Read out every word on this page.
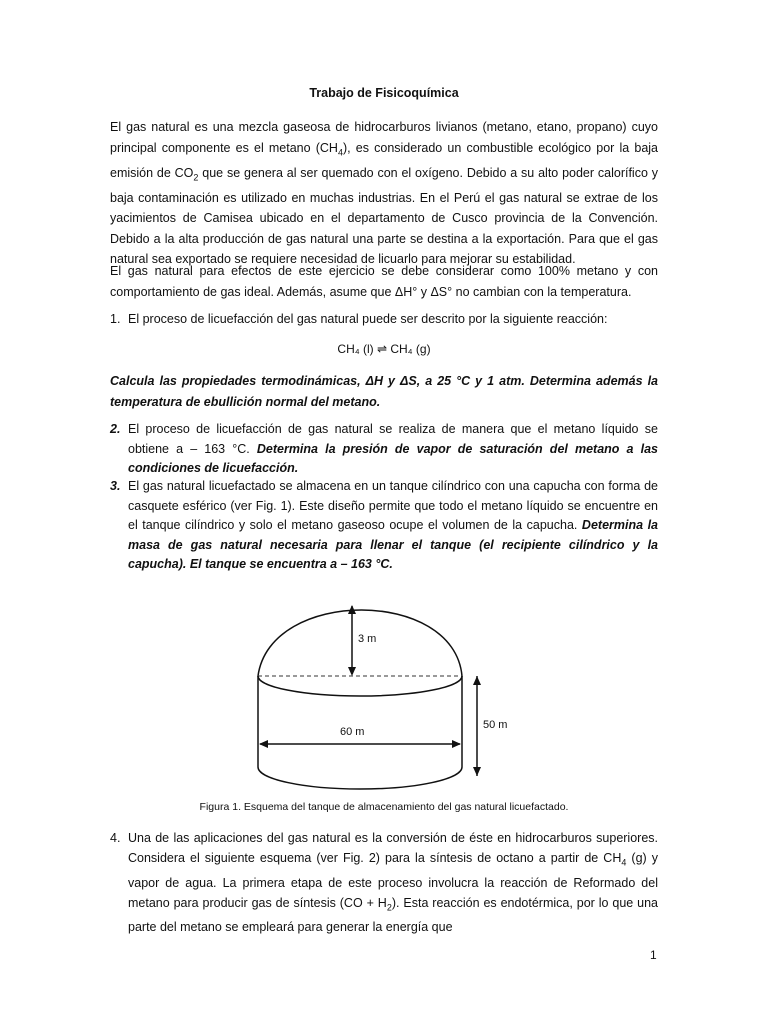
Trabajo de Fisicoquímica

El gas natural es una mezcla gaseosa de hidrocarburos livianos (metano, etano, propano) cuyo principal componente es el metano $(CH_4)$, es considerado un combustible ecológico por la baja emisión de $CO_2$ que se genera al ser quemado con el oxígeno. Debido a su alto poder calorífico y baja contaminación es utilizado en muchas industrias. En el Perú el gas natural se extrae de los yacimientos de Camisea ubicado en el departamento de Cusco provincia de la Convención. Debido a la alta producción de gas natural una parte se destina a la exportación. Para que el gas natural sea exportado se requiere necesidad de licuarlo para mejorar su estabilidad.

El gas natural para efectos de este ejercicio se debe considerar como 100% metano y con comportamiento de gas ideal. Además, asume que ΔH° y ΔS° no cambian con la temperatura.

1. El proceso de licuefacción del gas natural puede ser descrito por la siguiente reacción:
CH₄ (l) ⇌ CH₄ (g)

Calcula las propiedades termodinámicas, ΔH y ΔS, a 25 °C y 1 atm. Determina además la temperatura de ebullición normal del metano.

2. El proceso de licuefacción de gas natural se realiza de manera que el metano líquido se obtiene a – 163 °C. Determina la presión de vapor de saturación del metano a las condiciones de licuefacción.
3. El gas natural licuefactado se almacena en un tanque cilíndrico con una capucha con forma de casquete esférico (ver Fig. 1). Este diseño permite que todo el metano líquido se encuentre en el tanque cilíndrico y solo el metano gaseoso ocupe el volumen de la capucha. Determina la masa de gas natural necesaria para llenar el tanque (el recipiente cilíndrico y la capucha). El tanque se encuentra a – 163 °C.
3 m
60 m
50 m
Figura 1. Esquema del tanque de almacenamiento del gas natural licuefactado.
4. Una de las aplicaciones del gas natural es la conversión de éste en hidrocarburos superiores. Considera el siguiente esquema (ver Fig. 2) para la síntesis de octano a partir de $CH_4$ (g) y vapor de agua. La primera etapa de este proceso involucra la reacción de Reformado del metano para producir gas de síntesis $(CO + H_2)$. Esta reacción es endotérmica, por lo que una parte del metano se empleará para generar la energía que
1
